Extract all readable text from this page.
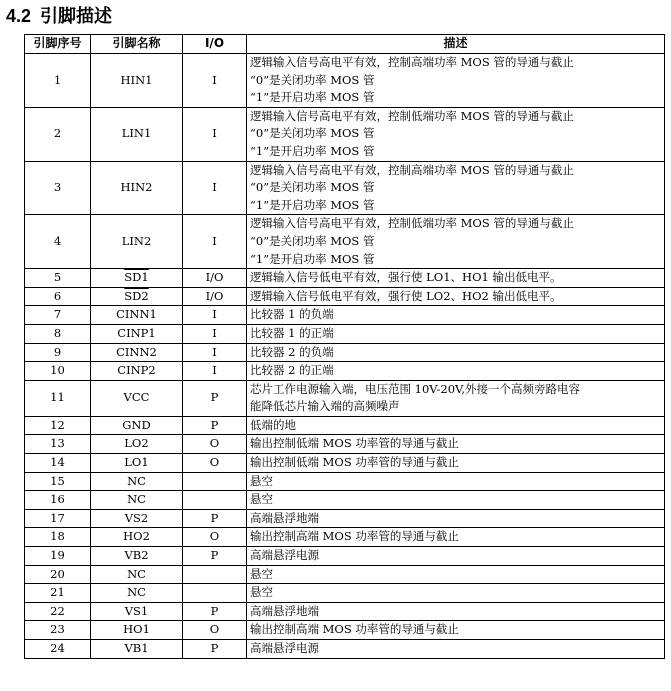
4.2 引脚描述
引脚序号	引脚名称	I/O	描述
1	HIN1	I	逻辑输入信号高电平有效，控制高端功率 MOS 管的导通与截止
“0”是关闭功率 MOS 管
“1”是开启功率 MOS 管

2	LIN1	I	逻辑输入信号高电平有效，控制低端功率 MOS 管的导通与截止
“0”是关闭功率 MOS 管
“1”是开启功率 MOS 管

3	HIN2	I	逻辑输入信号高电平有效，控制高端功率 MOS 管的导通与截止
“0”是关闭功率 MOS 管
“1”是开启功率 MOS 管

4	LIN2	I	逻辑输入信号高电平有效，控制低端功率 MOS 管的导通与截止
“0”是关闭功率 MOS 管
“1”是开启功率 MOS 管

5	SD1	I/O	逻辑输入信号低电平有效，强行使 LO1、HO1 输出低电平。

6	SD2	I/O	逻辑输入信号低电平有效，强行使 LO2、HO2 输出低电平。

7	CINN1	I	比较器 1 的负端

8	CINP1	I	比较器 1 的正端

9	CINN2	I	比较器 2 的负端

10	CINP2	I	比较器 2 的正端

11	VCC	P	芯片工作电源输入端，电压范围 10V-20V,外接一个高频旁路电容
能降低芯片输入端的高频噪声

12	GND	P	低端的地

13	LO2	O	输出控制低端 MOS 功率管的导通与截止

14	LO1	O	输出控制低端 MOS 功率管的导通与截止

15	NC		悬空

16	NC		悬空

17	VS2	P	高端悬浮地端

18	HO2	O	输出控制高端 MOS 功率管的导通与截止

19	VB2	P	高端悬浮电源

20	NC		悬空

21	NC		悬空

22	VS1	P	高端悬浮地端

23	HO1	O	输出控制高端 MOS 功率管的导通与截止

24	VB1	P	高端悬浮电源
